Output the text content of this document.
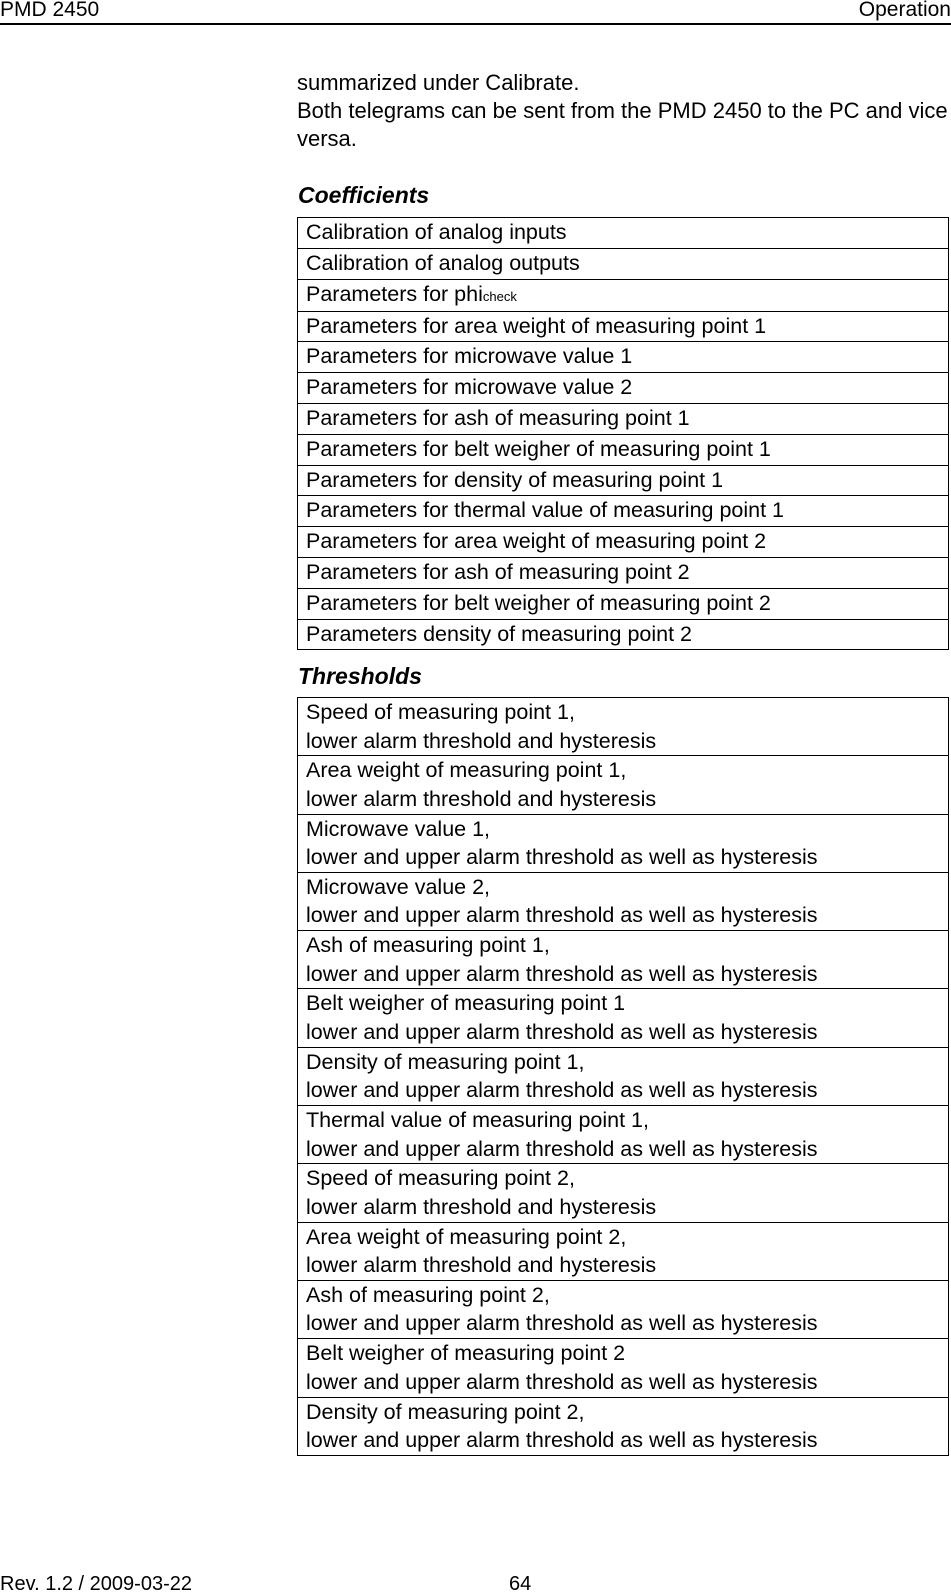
PMD 2450	Operation

summarized under Calibrate.

Both telegrams can be sent from the PMD 2450 to the PC and vice versa.

Coefficients
Calibration of analog inputs
Calibration of analog outputs
Parameters for phicheck
Parameters for area weight of measuring point 1
Parameters for microwave value 1
Parameters for microwave value 2
Parameters for ash of measuring point 1
Parameters for belt weigher of measuring point 1
Parameters for density of measuring point 1
Parameters for thermal value of measuring point 1
Parameters for area weight of measuring point 2
Parameters for ash of measuring point 2
Parameters for belt weigher of measuring point 2
Parameters density of measuring point 2
Thresholds
Speed of measuring point 1,
lower alarm threshold and hysteresis

Area weight of measuring point 1,
lower alarm threshold and hysteresis

Microwave value 1,
lower and upper alarm threshold as well as hysteresis

Microwave value 2,
lower and upper alarm threshold as well as hysteresis

Ash of measuring point 1,
lower and upper alarm threshold as well as hysteresis

Belt weigher of measuring point 1
lower and upper alarm threshold as well as hysteresis

Density of measuring point 1,
lower and upper alarm threshold as well as hysteresis

Thermal value of measuring point 1,
lower and upper alarm threshold as well as hysteresis

Speed of measuring point 2,
lower alarm threshold and hysteresis

Area weight of measuring point 2,
lower alarm threshold and hysteresis

Ash of measuring point 2,
lower and upper alarm threshold as well as hysteresis

Belt weigher of measuring point 2
lower and upper alarm threshold as well as hysteresis

Density of measuring point 2,
lower and upper alarm threshold as well as hysteresis
Rev. 1.2 / 2009-03-22	64
